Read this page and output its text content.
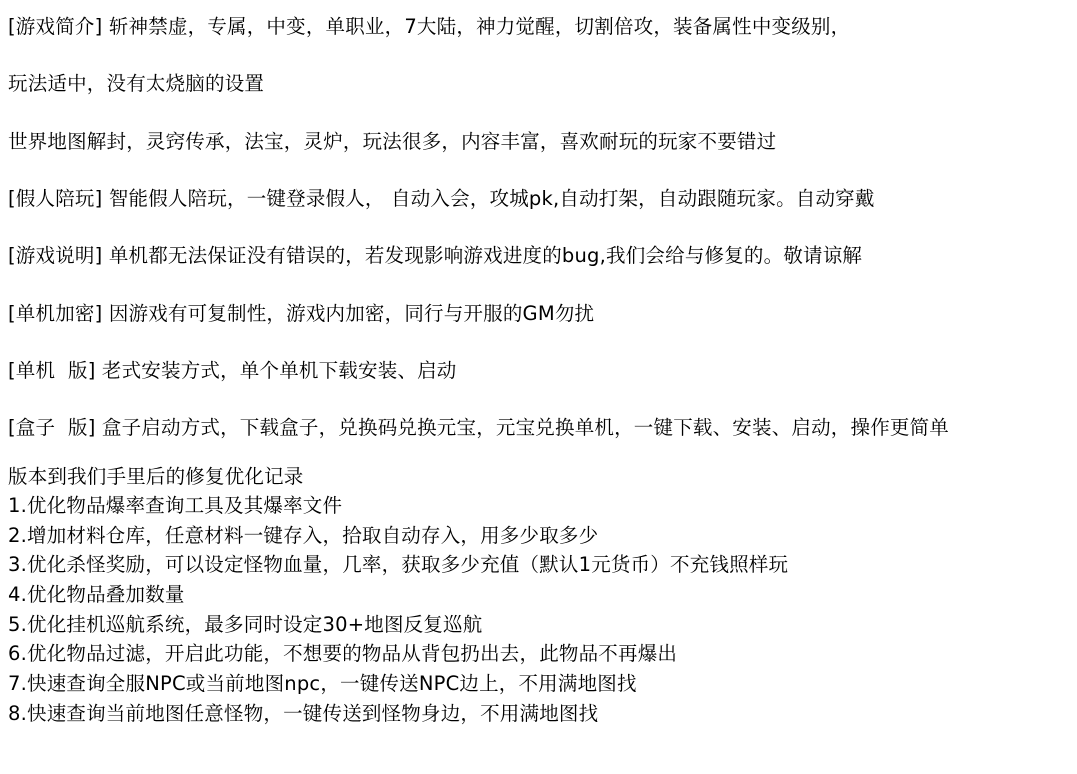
[游戏简介] 斩神禁虚，专属，中变，单职业，7大陆，神力觉醒，切割倍攻，装备属性中变级别，

玩法适中，没有太烧脑的设置

世界地图解封，灵窍传承，法宝，灵炉，玩法很多，内容丰富，喜欢耐玩的玩家不要错过

[假人陪玩] 智能假人陪玩，一键登录假人， 自动入会，攻城pk,自动打架，自动跟随玩家。自动穿戴

[游戏说明] 单机都无法保证没有错误的，若发现影响游戏进度的bug,我们会给与修复的。敬请谅解

[单机加密] 因游戏有可复制性，游戏内加密，同行与开服的GM勿扰

[单机  版] 老式安装方式，单个单机下载安装、启动

[盒子  版] 盒子启动方式，下载盒子，兑换码兑换元宝，元宝兑换单机，一键下载、安装、启动，操作更简单

版本到我们手里后的修复优化记录

1.优化物品爆率查询工具及其爆率文件

2.增加材料仓库，任意材料一键存入，拾取自动存入，用多少取多少

3.优化杀怪奖励，可以设定怪物血量，几率，获取多少充值（默认1元货币）不充钱照样玩

4.优化物品叠加数量

5.优化挂机巡航系统，最多同时设定30+地图反复巡航

6.优化物品过滤，开启此功能，不想要的物品从背包扔出去，此物品不再爆出

7.快速查询全服NPC或当前地图npc，一键传送NPC边上，不用满地图找

8.快速查询当前地图任意怪物，一键传送到怪物身边，不用满地图找
